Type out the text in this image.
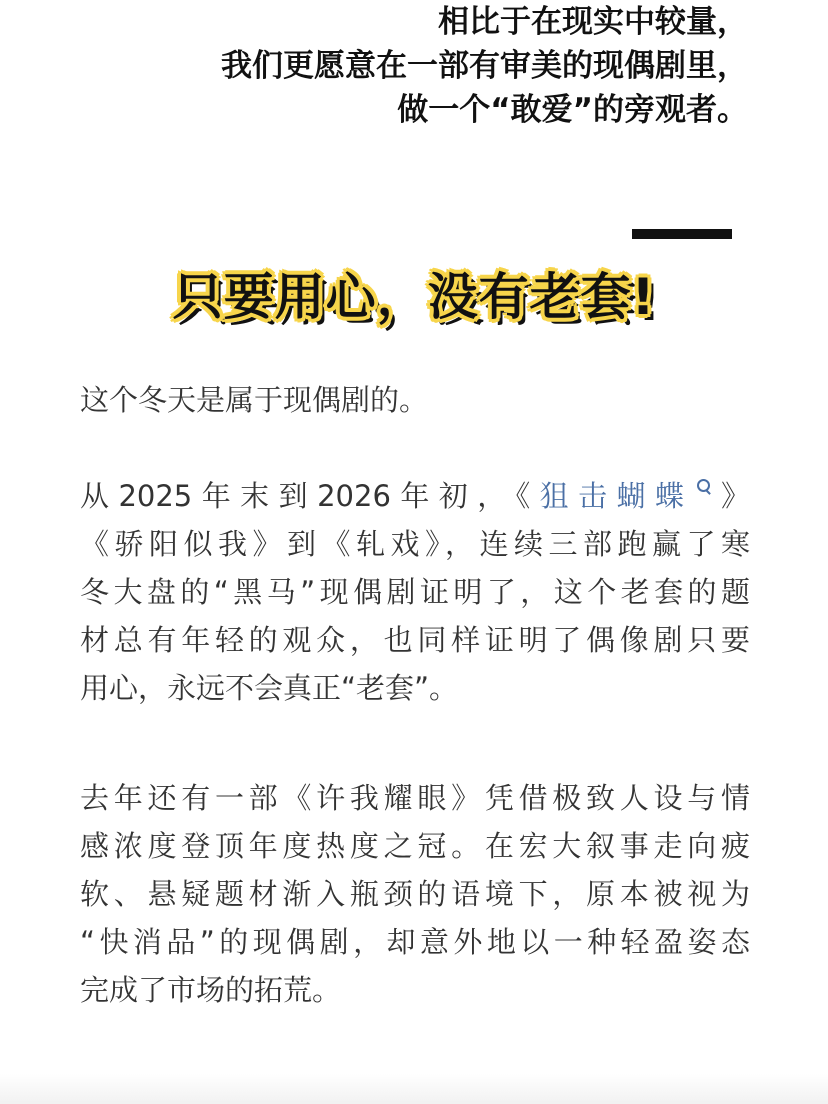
相比于在现实中较量，
我们更愿意在一部有审美的现偶剧里，
做一个“敢爱”的旁观者。
只要用心，没有老套!
这个冬天是属于现偶剧的。
从2025年末到2026年初，《狙击蝴蝶 》
《骄阳似我》到《轧戏》，连续三部跑赢了寒
冬大盘的“黑马”现偶剧证明了，这个老套的题
材总有年轻的观众，也同样证明了偶像剧只要
用心，永远不会真正“老套”。
去年还有一部《许我耀眼》凭借极致人设与情
感浓度登顶年度热度之冠。在宏大叙事走向疲
软、悬疑题材渐入瓶颈的语境下，原本被视为
“快消品”的现偶剧，却意外地以一种轻盈姿态
完成了市场的拓荒。
